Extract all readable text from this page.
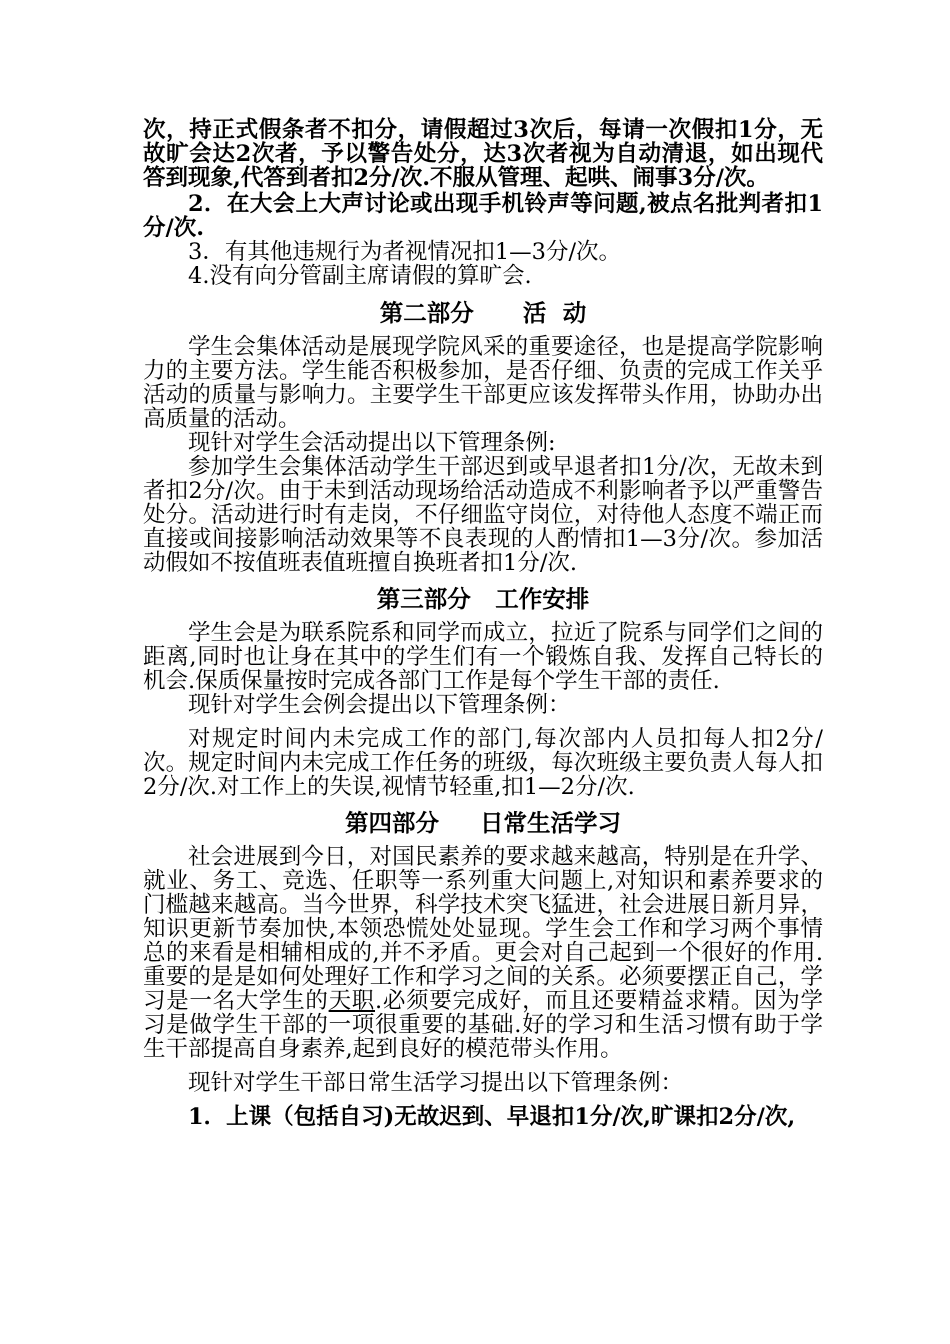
次，持正式假条者不扣分，请假超过3次后，每请一次假扣1分，无故旷会达2次者，予以警告处分，达3次者视为自动清退，如出现代答到现象,代答到者扣2分/次.不服从管理、起哄、闹事3分/次。

2．在大会上大声讨论或出现手机铃声等问题,被点名批判者扣1分/次.

3．有其他违规行为者视情况扣1—3分/次。

4.没有向分管副主席请假的算旷会.

第二部分      活  动

学生会集体活动是展现学院风采的重要途径，也是提高学院影响力的主要方法。学生能否积极参加，是否仔细、负责的完成工作关乎活动的质量与影响力。主要学生干部更应该发挥带头作用，协助办出高质量的活动。

现针对学生会活动提出以下管理条例:

参加学生会集体活动学生干部迟到或早退者扣1分/次，无故未到者扣2分/次。由于未到活动现场给活动造成不利影响者予以严重警告处分。活动进行时有走岗，不仔细监守岗位，对待他人态度不端正而直接或间接影响活动效果等不良表现的人酌情扣1—3分/次。参加活动假如不按值班表值班擅自换班者扣1分/次.

第三部分   工作安排

学生会是为联系院系和同学而成立，拉近了院系与同学们之间的距离,同时也让身在其中的学生们有一个锻炼自我、发挥自己特长的机会.保质保量按时完成各部门工作是每个学生干部的责任.

现针对学生会例会提出以下管理条例：

对规定时间内未完成工作的部门,每次部内人员扣每人扣2分/次。规定时间内未完成工作任务的班级，每次班级主要负责人每人扣2分/次.对工作上的失误,视情节轻重,扣1—2分/次.

第四部分     日常生活学习

社会进展到今日，对国民素养的要求越来越高，特别是在升学、就业、务工、竞选、任职等一系列重大问题上,对知识和素养要求的门槛越来越高。当今世界，科学技术突飞猛进，社会进展日新月异，知识更新节奏加快,本领恐慌处处显现。学生会工作和学习两个事情总的来看是相辅相成的,并不矛盾。更会对自己起到一个很好的作用.重要的是是如何处理好工作和学习之间的关系。必须要摆正自己，学习是一名大学生的天职.必须要完成好，而且还要精益求精。因为学习是做学生干部的一项很重要的基础.好的学习和生活习惯有助于学生干部提高自身素养,起到良好的模范带头作用。

现针对学生干部日常生活学习提出以下管理条例：

1．上课（包括自习)无故迟到、早退扣1分/次,旷课扣2分/次,
